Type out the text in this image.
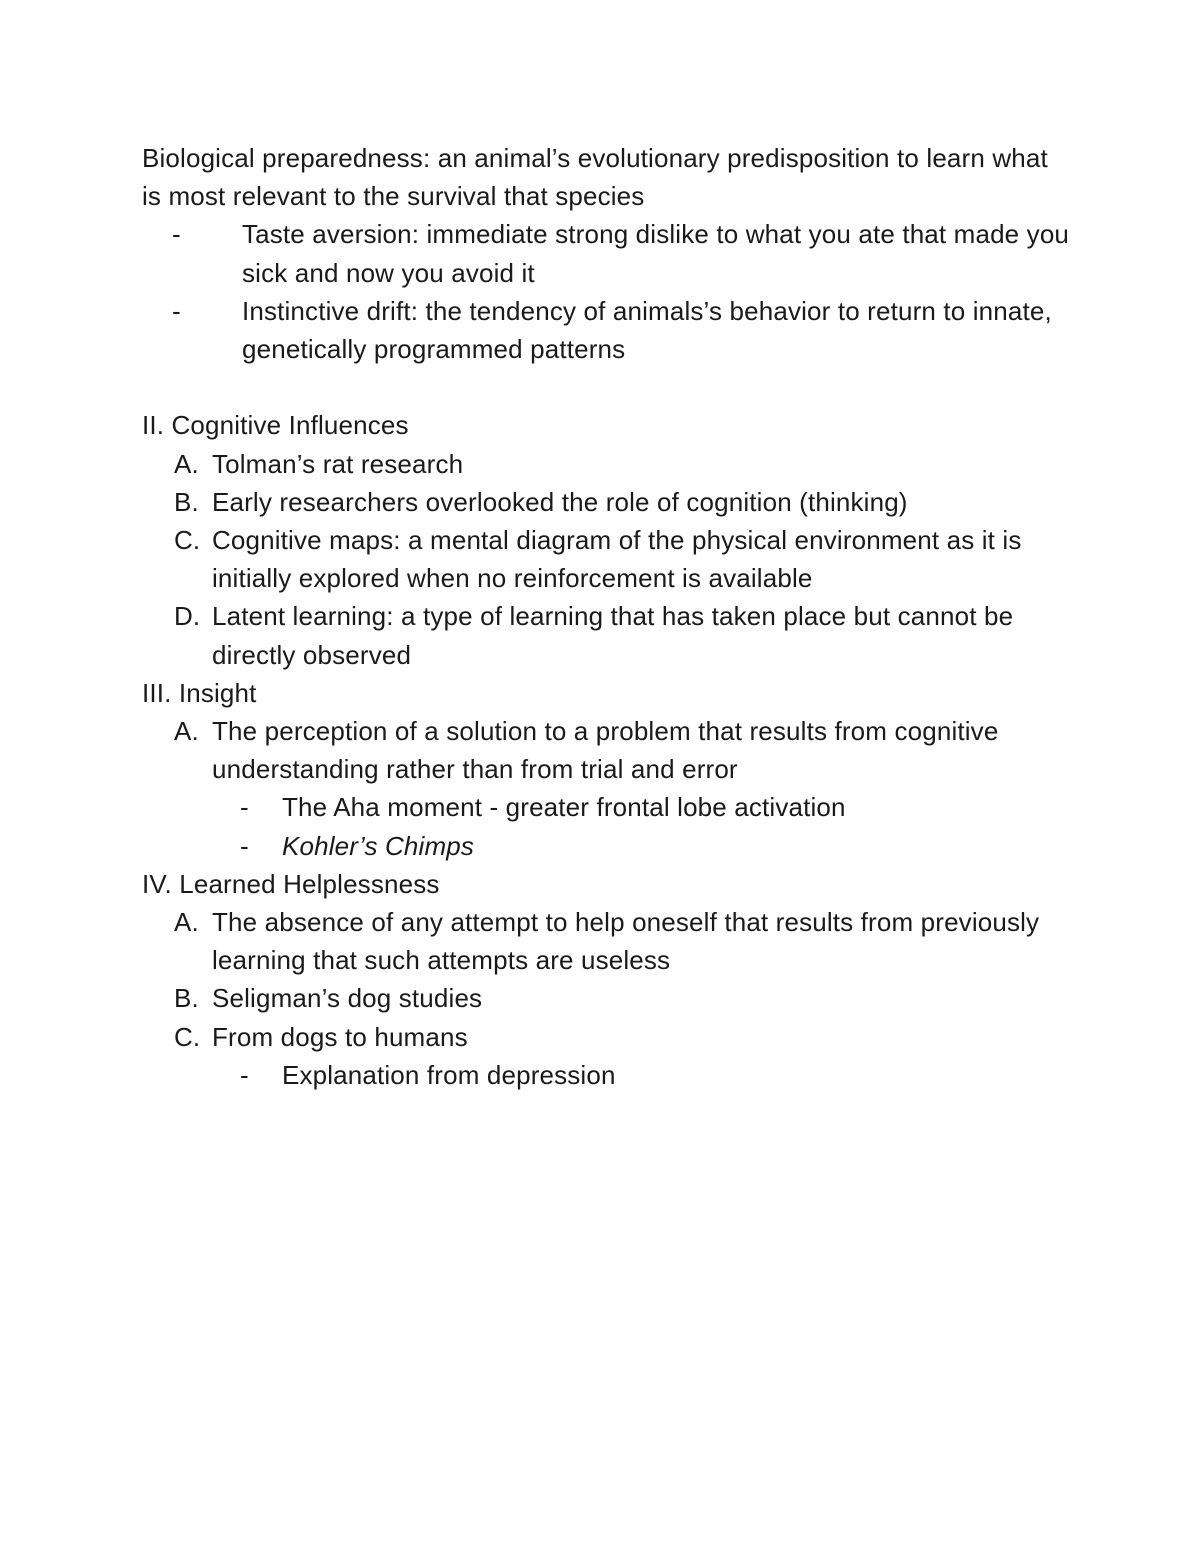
Biological preparedness: an animal’s evolutionary predisposition to learn what is most relevant to the survival that species

-	Taste aversion: immediate strong dislike to what you ate that made you sick and now you avoid it
-	Instinctive drift: the tendency of animals’s behavior to return to innate, genetically programmed patterns

II. Cognitive Influences

A. Tolman’s rat research
B. Early researchers overlooked the role of cognition (thinking)
C. Cognitive maps: a mental diagram of the physical environment as it is initially explored when no reinforcement is available
D. Latent learning: a type of learning that has taken place but cannot be directly observed

III. Insight

A. The perception of a solution to a problem that results from cognitive understanding rather than from trial and error
-	The Aha moment - greater frontal lobe activation
-	Kohler’s Chimps

IV. Learned Helplessness

A. The absence of any attempt to help oneself that results from previously learning that such attempts are useless
B. Seligman’s dog studies
C. From dogs to humans
-	Explanation from depression
